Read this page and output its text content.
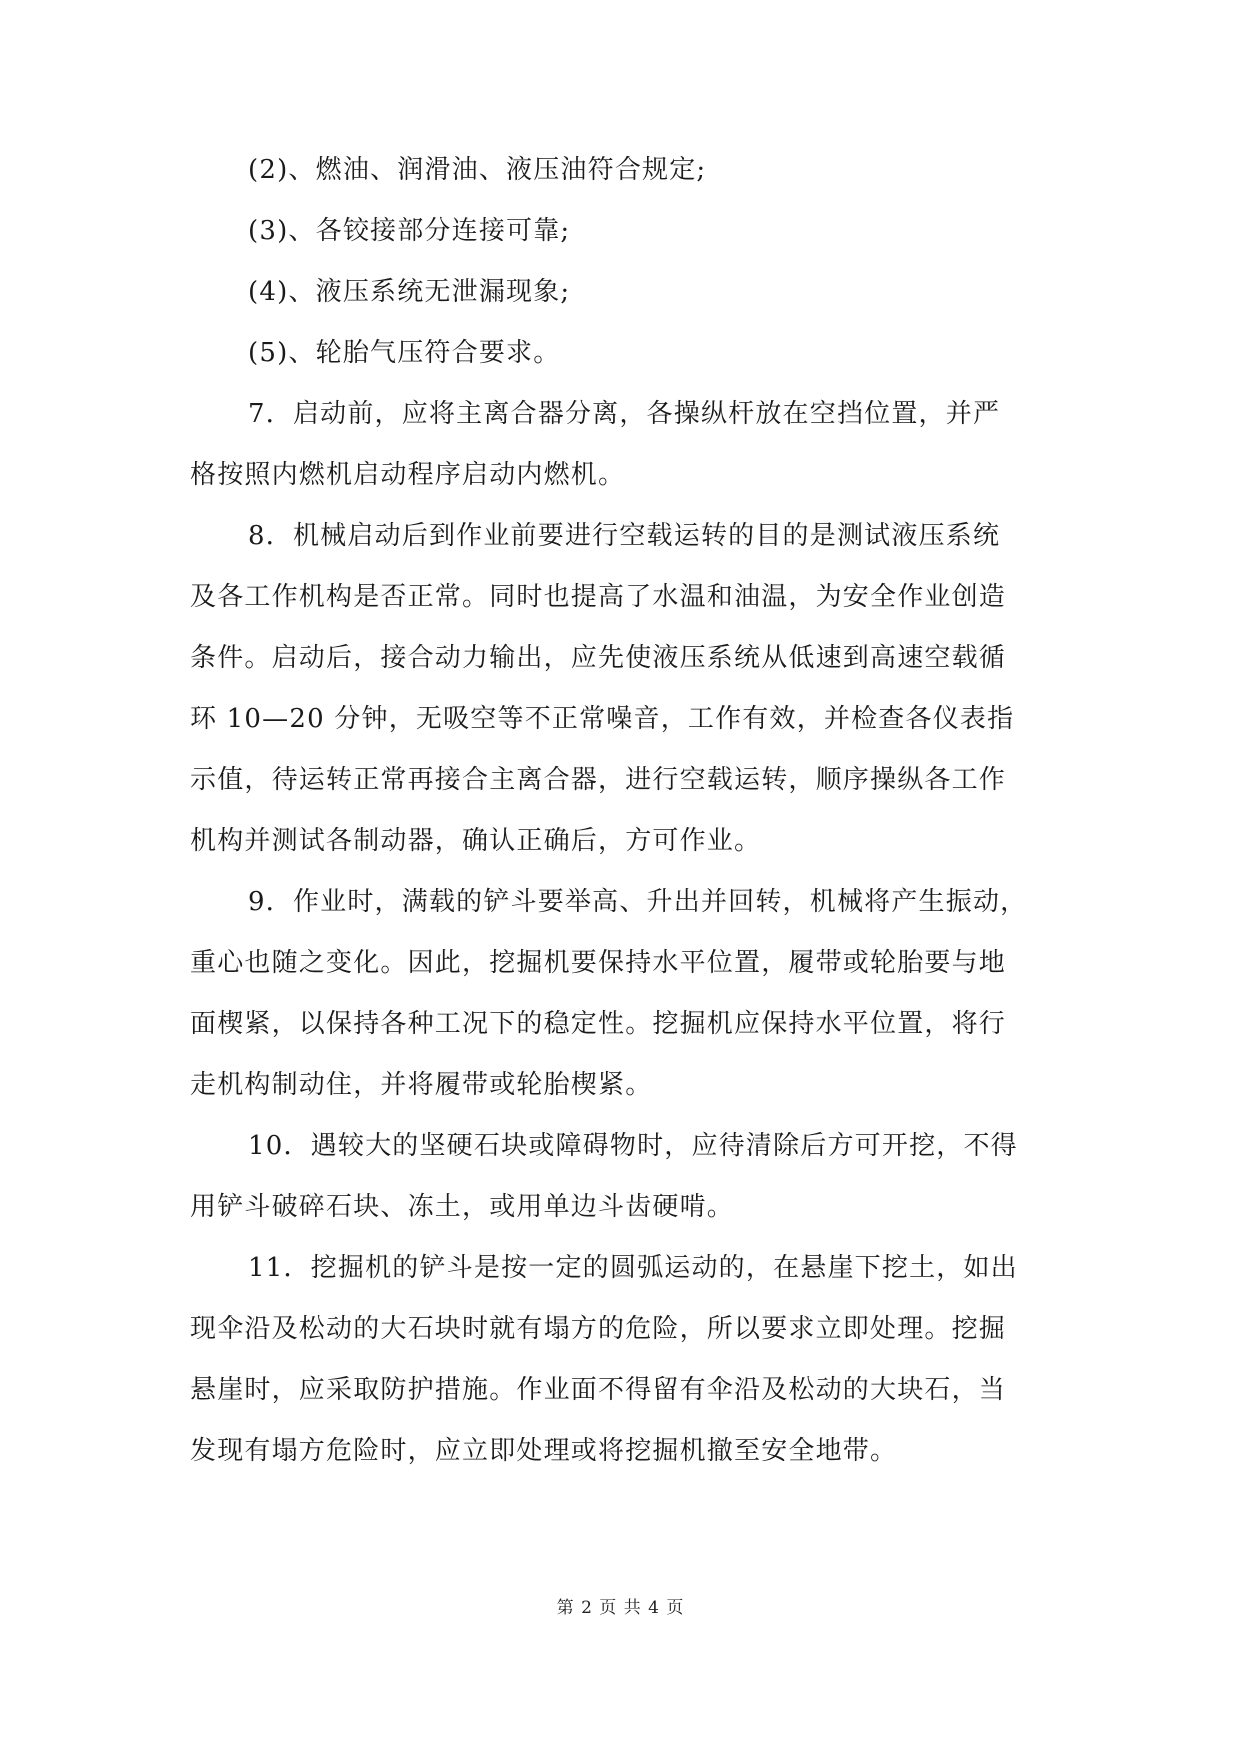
(2)、燃油、润滑油、液压油符合规定;

(3)、各铰接部分连接可靠;

(4)、液压系统无泄漏现象;

(5)、轮胎气压符合要求。

7．启动前，应将主离合器分离，各操纵杆放在空挡位置，并严

格按照内燃机启动程序启动内燃机。

8．机械启动后到作业前要进行空载运转的目的是测试液压系统

及各工作机构是否正常。同时也提高了水温和油温，为安全作业创造

条件。启动后，接合动力输出，应先使液压系统从低速到高速空载循

环 10—20 分钟，无吸空等不正常噪音，工作有效，并检查各仪表指

示值，待运转正常再接合主离合器，进行空载运转，顺序操纵各工作

机构并测试各制动器，确认正确后，方可作业。

9．作业时，满载的铲斗要举高、升出并回转，机械将产生振动，

重心也随之变化。因此，挖掘机要保持水平位置，履带或轮胎要与地

面楔紧，以保持各种工况下的稳定性。挖掘机应保持水平位置，将行

走机构制动住，并将履带或轮胎楔紧。

10．遇较大的坚硬石块或障碍物时，应待清除后方可开挖，不得

用铲斗破碎石块、冻土，或用单边斗齿硬啃。

11．挖掘机的铲斗是按一定的圆弧运动的，在悬崖下挖土，如出

现伞沿及松动的大石块时就有塌方的危险，所以要求立即处理。挖掘

悬崖时，应采取防护措施。作业面不得留有伞沿及松动的大块石，当

发现有塌方危险时，应立即处理或将挖掘机撤至安全地带。

第 2 页 共 4 页
